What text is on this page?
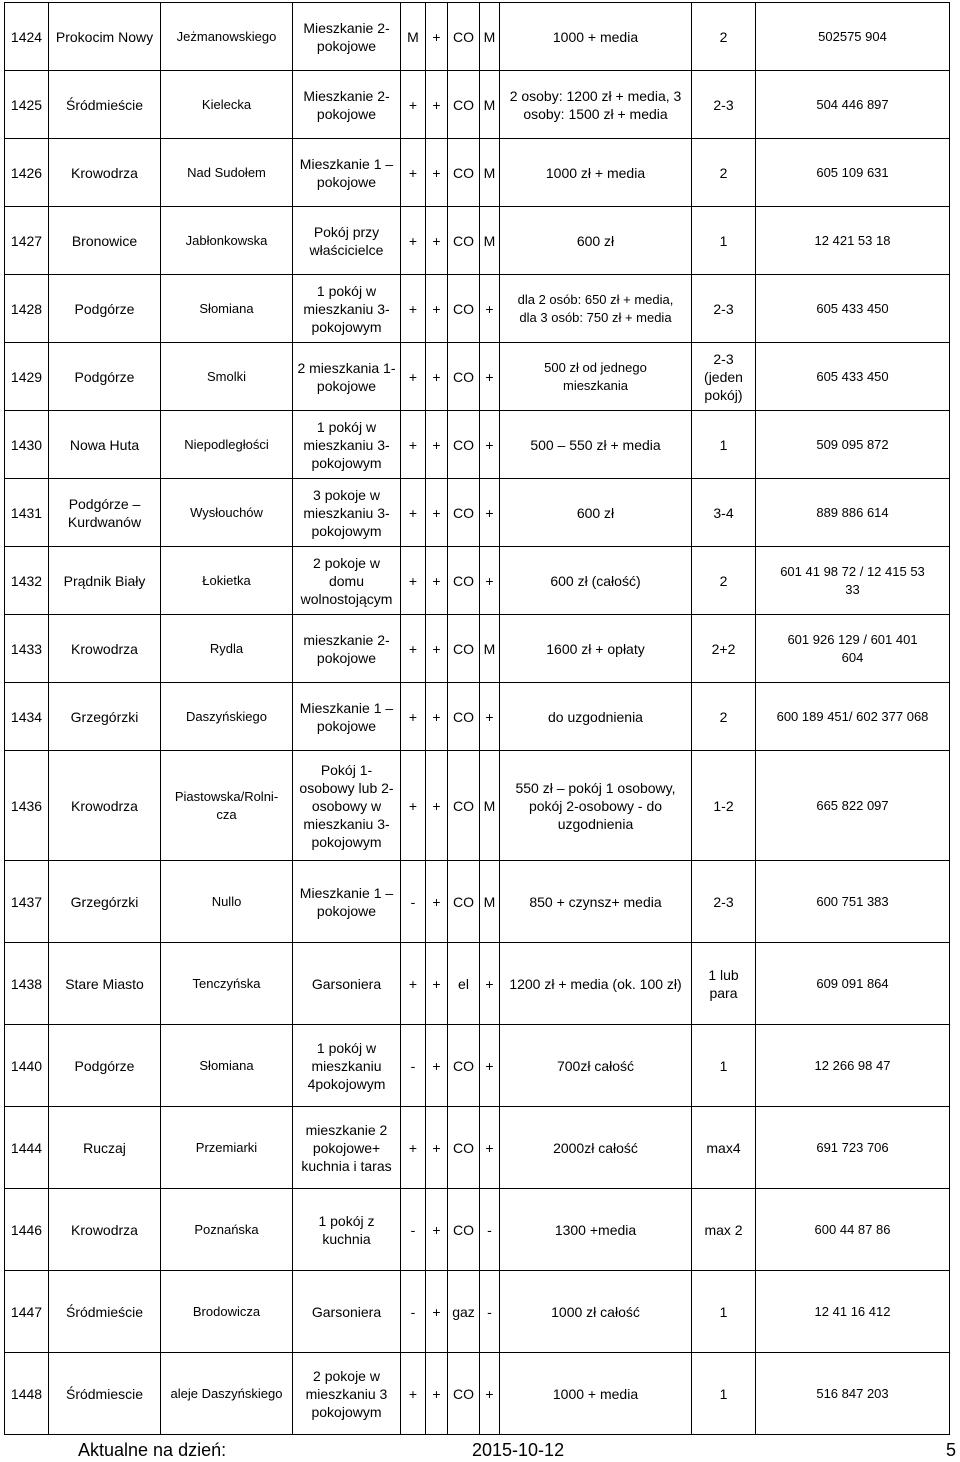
1424	Prokocim Nowy	Jeżmanowskiego	Mieszkanie 2-
pokojowe	M	+	CO	M	1000 + media	2	502575 904
1425	Śródmieście	Kielecka	Mieszkanie 2-
pokojowe	+	+	CO	M	2 osoby: 1200 zł + media, 3
osoby: 1500 zł + media	2-3	504 446 897
1426	Krowodrza	Nad Sudołem	Mieszkanie 1 –
pokojowe	+	+	CO	M	1000 zł + media	2	605 109 631
1427	Bronowice	Jabłonkowska	Pokój przy
właścicielce	+	+	CO	M	600 zł	1	12 421 53 18
1428	Podgórze	Słomiana	1 pokój w
mieszkaniu 3-
pokojowym	+	+	CO	+	dla 2 osób: 650 zł + media,
dla 3 osób: 750 zł + media	2-3	605 433 450
1429	Podgórze	Smolki	2 mieszkania 1-
pokojowe	+	+	CO	+	500 zł od jednego
mieszkania	2-3
(jeden
pokój)	605 433 450
1430	Nowa Huta	Niepodległości	1 pokój w
mieszkaniu 3-
pokojowym	+	+	CO	+	500 – 550 zł + media	1	509 095 872
1431	Podgórze –
Kurdwanów	Wysłouchów	3 pokoje w
mieszkaniu 3-
pokojowym	+	+	CO	+	600 zł	3-4	889 886 614
1432	Prądnik Biały	Łokietka	2 pokoje w domu
wolnostojącym	+	+	CO	+	600 zł (całość)	2	601 41 98 72 / 12 415 53
33
1433	Krowodrza	Rydla	mieszkanie 2-
pokojowe	+	+	CO	M	1600 zł + opłaty	2+2	601 926 129 / 601 401
604
1434	Grzegórzki	Daszyńskiego	Mieszkanie 1 –
pokojowe	+	+	CO	+	do uzgodnienia	2	600 189 451/ 602 377 068
1436	Krowodrza	Piastowska/Rolni-
cza	Pokój 1-
osobowy lub 2-
osobowy w
mieszkaniu 3-
pokojowym	+	+	CO	M	550 zł – pokój 1 osobowy,
pokój 2-osobowy - do
uzgodnienia	1-2	665 822 097
1437	Grzegórzki	Nullo	Mieszkanie 1 –
pokojowe	-	+	CO	M	850 + czynsz+ media	2-3	600 751 383
1438	Stare Miasto	Tenczyńska	Garsoniera	+	+	el	+	1200 zł + media (ok. 100 zł)	1 lub
para	609 091 864
1440	Podgórze	Słomiana	1 pokój w
mieszkaniu
4pokojowym	-	+	CO	+	700zł całość	1	12 266 98 47
1444	Ruczaj	Przemiarki	mieszkanie 2
pokojowe+
kuchnia i taras	+	+	CO	+	2000zł całość	max4	691 723 706
1446	Krowodrza	Poznańska	1 pokój z
kuchnia	-	+	CO	-	1300 +media	max 2	600 44 87 86
1447	Śródmieście	Brodowicza	Garsoniera	-	+	gaz	-	1000 zł całość	1	12 41 16 412
1448	Śródmiescie	aleje Daszyńskiego	2 pokoje w
mieszkaniu 3
pokojowym	+	+	CO	+	1000 + media	1	516 847 203
Aktualne na dzień:	2015-10-12	5
